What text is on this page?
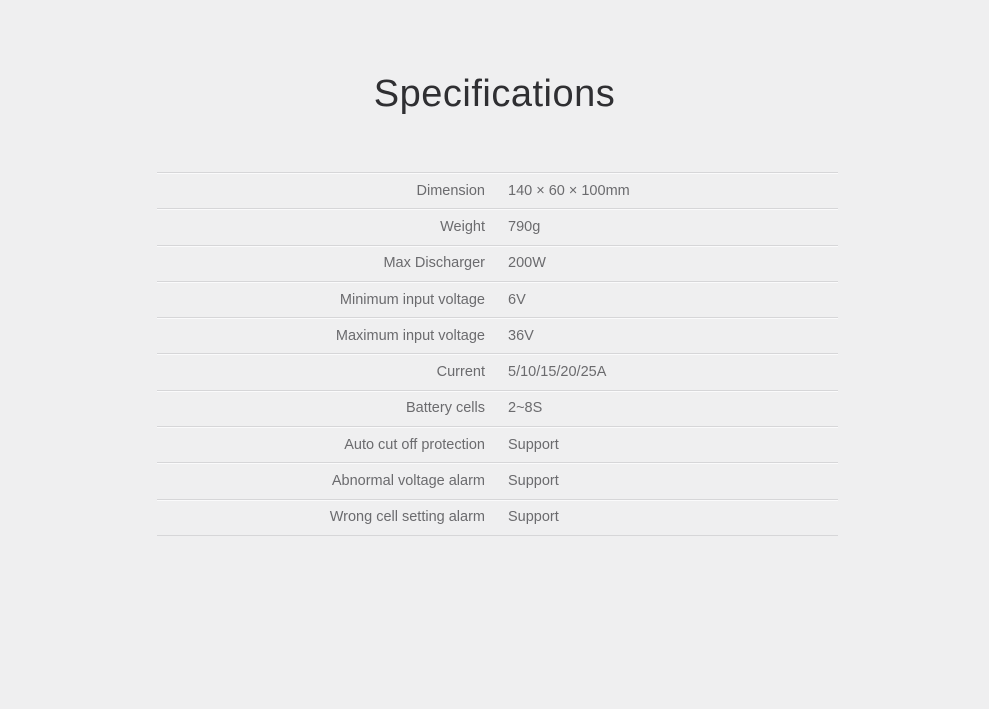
Specifications
Dimension	140 × 60 × 100mm
Weight	790g
Max Discharger	200W
Minimum input voltage	6V
Maximum input voltage	36V
Current	5/10/15/20/25A
Battery cells	2~8S
Auto cut off protection	Support
Abnormal voltage alarm	Support
Wrong cell setting alarm	Support
